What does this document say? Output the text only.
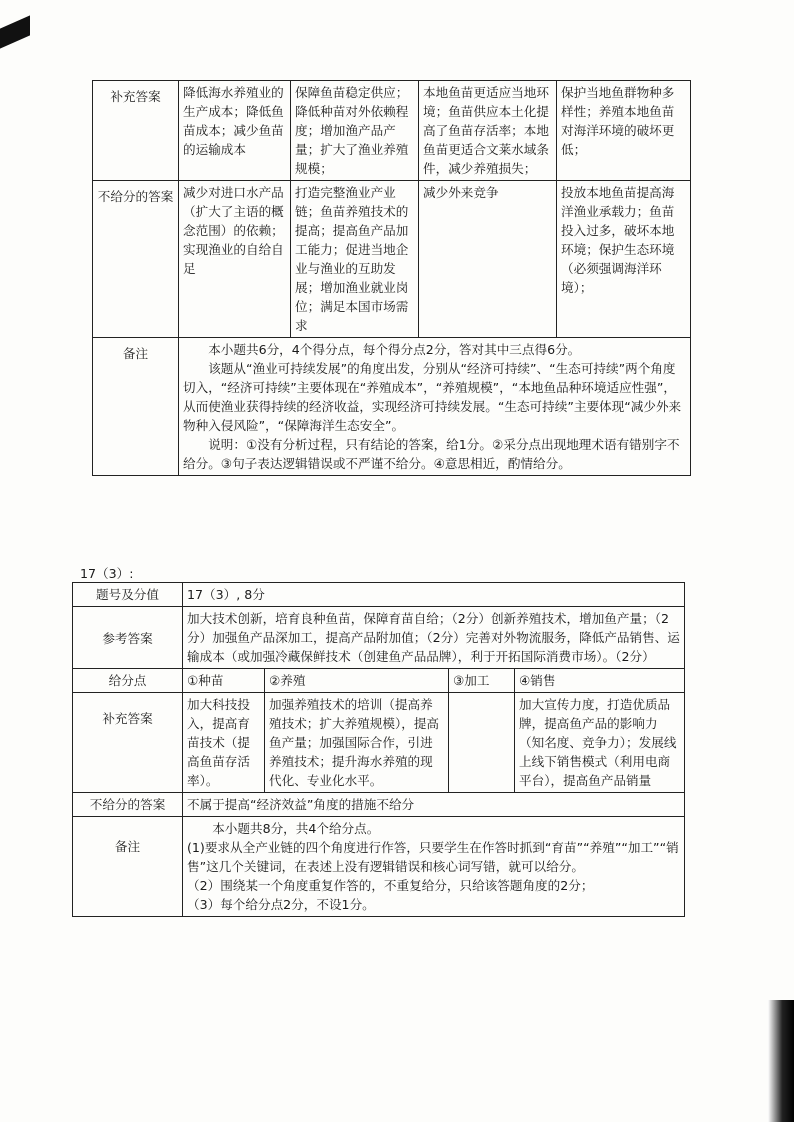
补充答案	降低海水养殖业的生产成本；降低鱼苗成本；减少鱼苗的运输成本	保障鱼苗稳定供应；降低种苗对外依赖程度；增加渔产品产量；扩大了渔业养殖规模；	本地鱼苗更适应当地环境；鱼苗供应本土化提高了鱼苗存活率；本地鱼苗更适合文莱水域条件，减少养殖损失；	保护当地鱼群物种多样性；养殖本地鱼苗对海洋环境的破坏更低；
不给分的答案	减少对进口水产品（扩大了主语的概念范围）的依赖；实现渔业的自给自足	打造完整渔业产业链；鱼苗养殖技术的提高；提高鱼产品加工能力；促进当地企业与渔业的互助发展；增加渔业就业岗位；满足本国市场需求	减少外来竞争	投放本地鱼苗提高海洋渔业承载力；鱼苗投入过多，破坏本地环境；保护生态环境（必须强调海洋环境）；
备注	本小题共6分，4个得分点，每个得分点2分，答对其中三点得6分。

该题从“渔业可持续发展”的角度出发，分别从“经济可持续”、“生态可持续”两个角度切入，“经济可持续”主要体现在“养殖成本”，“养殖规模”，“本地鱼品种环境适应性强”，从而使渔业获得持续的经济收益，实现经济可持续发展。“生态可持续”主要体现“减少外来物种入侵风险”，“保障海洋生态安全”。

说明：①没有分析过程，只有结论的答案，给1分。②采分点出现地理术语有错别字不给分。③句子表达逻辑错误或不严谨不给分。④意思相近，酌情给分。			

17（3）:
题号及分值	17（3）, 8分			
参考答案	加大技术创新，培育良种鱼苗，保障育苗自给；（2分）创新养殖技术，增加鱼产量；（2分）加强鱼产品深加工，提高产品附加值；（2分）完善对外物流服务，降低产品销售、运输成本（或加强冷藏保鲜技术（创建鱼产品品牌），利于开拓国际消费市场）。（2分）			
给分点	①种苗	②养殖	③加工	④销售
补充答案	加大科技投入，提高育苗技术（提高鱼苗存活率）。	加强养殖技术的培训（提高养殖技术；扩大养殖规模），提高鱼产量；加强国际合作，引进养殖技术；提升海水养殖的现代化、专业化水平。		加大宣传力度，打造优质品牌，提高鱼产品的影响力（知名度、竞争力）；发展线上线下销售模式（利用电商平台），提高鱼产品销量
不给分的答案	不属于提高“经济效益”角度的措施不给分			
备注	本小题共8分，共4个给分点。

(1)要求从全产业链的四个角度进行作答，只要学生在作答时抓到“育苗”“养殖”“加工”“销售”这几个关键词，在表述上没有逻辑错误和核心词写错，就可以给分。

（2）围绕某一个角度重复作答的，不重复给分，只给该答题角度的2分；

（3）每个给分点2分，不设1分。			
